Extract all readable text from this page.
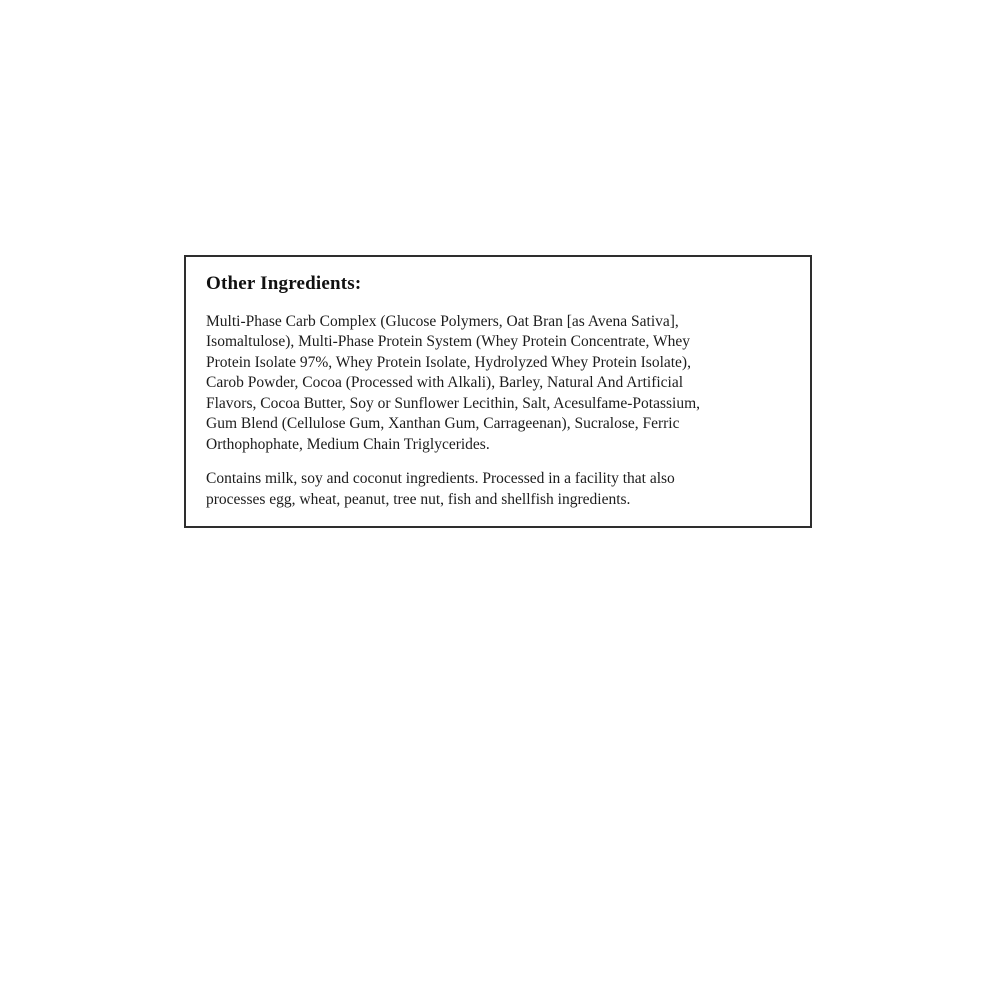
Other Ingredients:
Multi-Phase Carb Complex (Glucose Polymers, Oat Bran [as Avena Sativa],
Isomaltulose), Multi-Phase Protein System (Whey Protein Concentrate, Whey
Protein Isolate 97%, Whey Protein Isolate, Hydrolyzed Whey Protein Isolate),
Carob Powder, Cocoa (Processed with Alkali), Barley, Natural And Artificial
Flavors, Cocoa Butter, Soy or Sunflower Lecithin, Salt, Acesulfame-Potassium,
Gum Blend (Cellulose Gum, Xanthan Gum, Carrageenan), Sucralose, Ferric
Orthophophate, Medium Chain Triglycerides.
Contains milk, soy and coconut ingredients. Processed in a facility that also
processes egg, wheat, peanut, tree nut, fish and shellfish ingredients.
